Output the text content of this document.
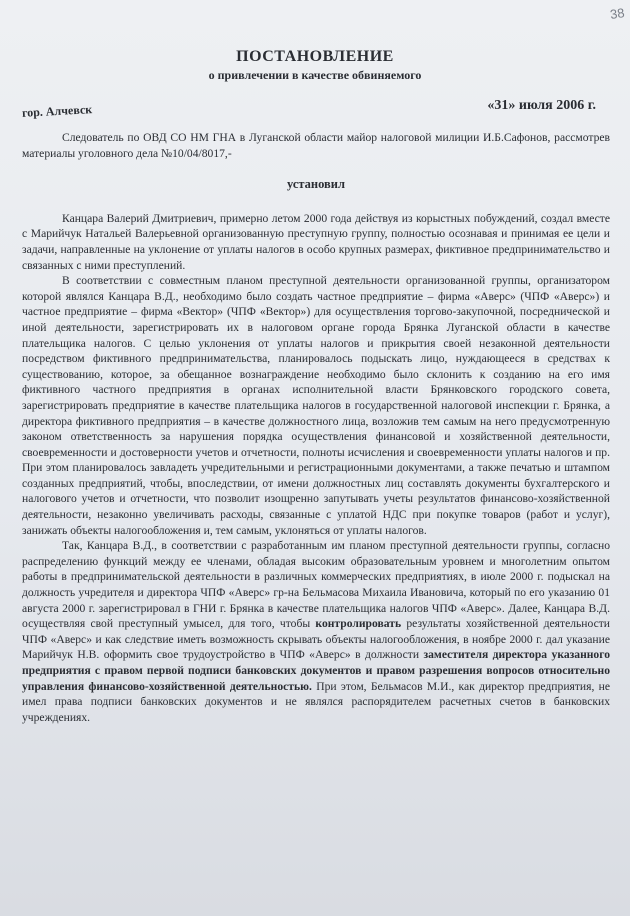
38
ПОСТАНОВЛЕНИЕ
о привлечении в качестве обвиняемого
гор. Алчевск	«31» июля 2006 г.

Следователь по ОВД СО НМ ГНА в Луганской области майор налоговой милиции И.Б.Сафонов, рассмотрев материалы уголовного дела №10/04/8017,-

установил

Канцара Валерий Дмитриевич, примерно летом 2000 года действуя из корыстных побуждений, создал вместе с Марийчук Натальей Валерьевной организованную преступную группу, полностью осознавая и принимая ее цели и задачи, направленные на уклонение от уплаты налогов в особо крупных размерах, фиктивное предпринимательство и связанных с ними преступлений.

В соответствии с совместным планом преступной деятельности организованной группы, организатором которой являлся Канцара В.Д., необходимо было создать частное предприятие – фирма «Аверс» (ЧПФ «Аверс») и частное предприятие – фирма «Вектор» (ЧПФ «Вектор») для осуществления торгово-закупочной, посреднической и иной деятельности, зарегистрировать их в налоговом органе города Брянка Луганской области в качестве плательщика налогов. С целью уклонения от уплаты налогов и прикрытия своей незаконной деятельности посредством фиктивного предпринимательства, планировалось подыскать лицо, нуждающееся в средствах к существованию, которое, за обещанное вознаграждение необходимо было склонить к созданию на его имя фиктивного частного предприятия в органах исполнительной власти Брянковского городского совета, зарегистрировать предприятие в качестве плательщика налогов в государственной налоговой инспекции г. Брянка, а директора фиктивного предприятия – в качестве должностного лица, возложив тем самым на него предусмотренную законом ответственность за нарушения порядка осуществления финансовой и хозяйственной деятельности, своевременности и достоверности учетов и отчетности, полноты исчисления и своевременности уплаты налогов и пр. При этом планировалось завладеть учредительными и регистрационными документами, а также печатью и штампом созданных предприятий, чтобы, впоследствии, от имени должностных лиц составлять документы бухгалтерского и налогового учетов и отчетности, что позволит изощренно запутывать учеты результатов финансово-хозяйственной деятельности, незаконно увеличивать расходы, связанные с уплатой НДС при покупке товаров (работ и услуг), занижать объекты налогообложения и, тем самым, уклоняться от уплаты налогов.

Так, Канцара В.Д., в соответствии с разработанным им планом преступной деятельности группы, согласно распределению функций между ее членами, обладая высоким образовательным уровнем и многолетним опытом работы в предпринимательской деятельности в различных коммерческих предприятиях, в июле 2000 г. подыскал на должность учредителя и директора ЧПФ «Аверс» гр-на Бельмасова Михаила Ивановича, который по его указанию 01 августа 2000 г. зарегистрировал в ГНИ г. Брянка в качестве плательщика налогов ЧПФ «Аверс». Далее, Канцара В.Д. осуществляя свой преступный умысел, для того, чтобы контролировать результаты хозяйственной деятельности ЧПФ «Аверс» и как следствие иметь возможность скрывать объекты налогообложения, в ноябре 2000 г. дал указание Марийчук Н.В. оформить свое трудоустройство в ЧПФ «Аверс» в должности заместителя директора указанного предприятия с правом первой подписи банковских документов и правом разрешения вопросов относительно управления финансово-хозяйственной деятельностью. При этом, Бельмасов М.И., как директор предприятия, не имел права подписи банковских документов и не являлся распорядителем расчетных счетов в банковских учреждениях.
